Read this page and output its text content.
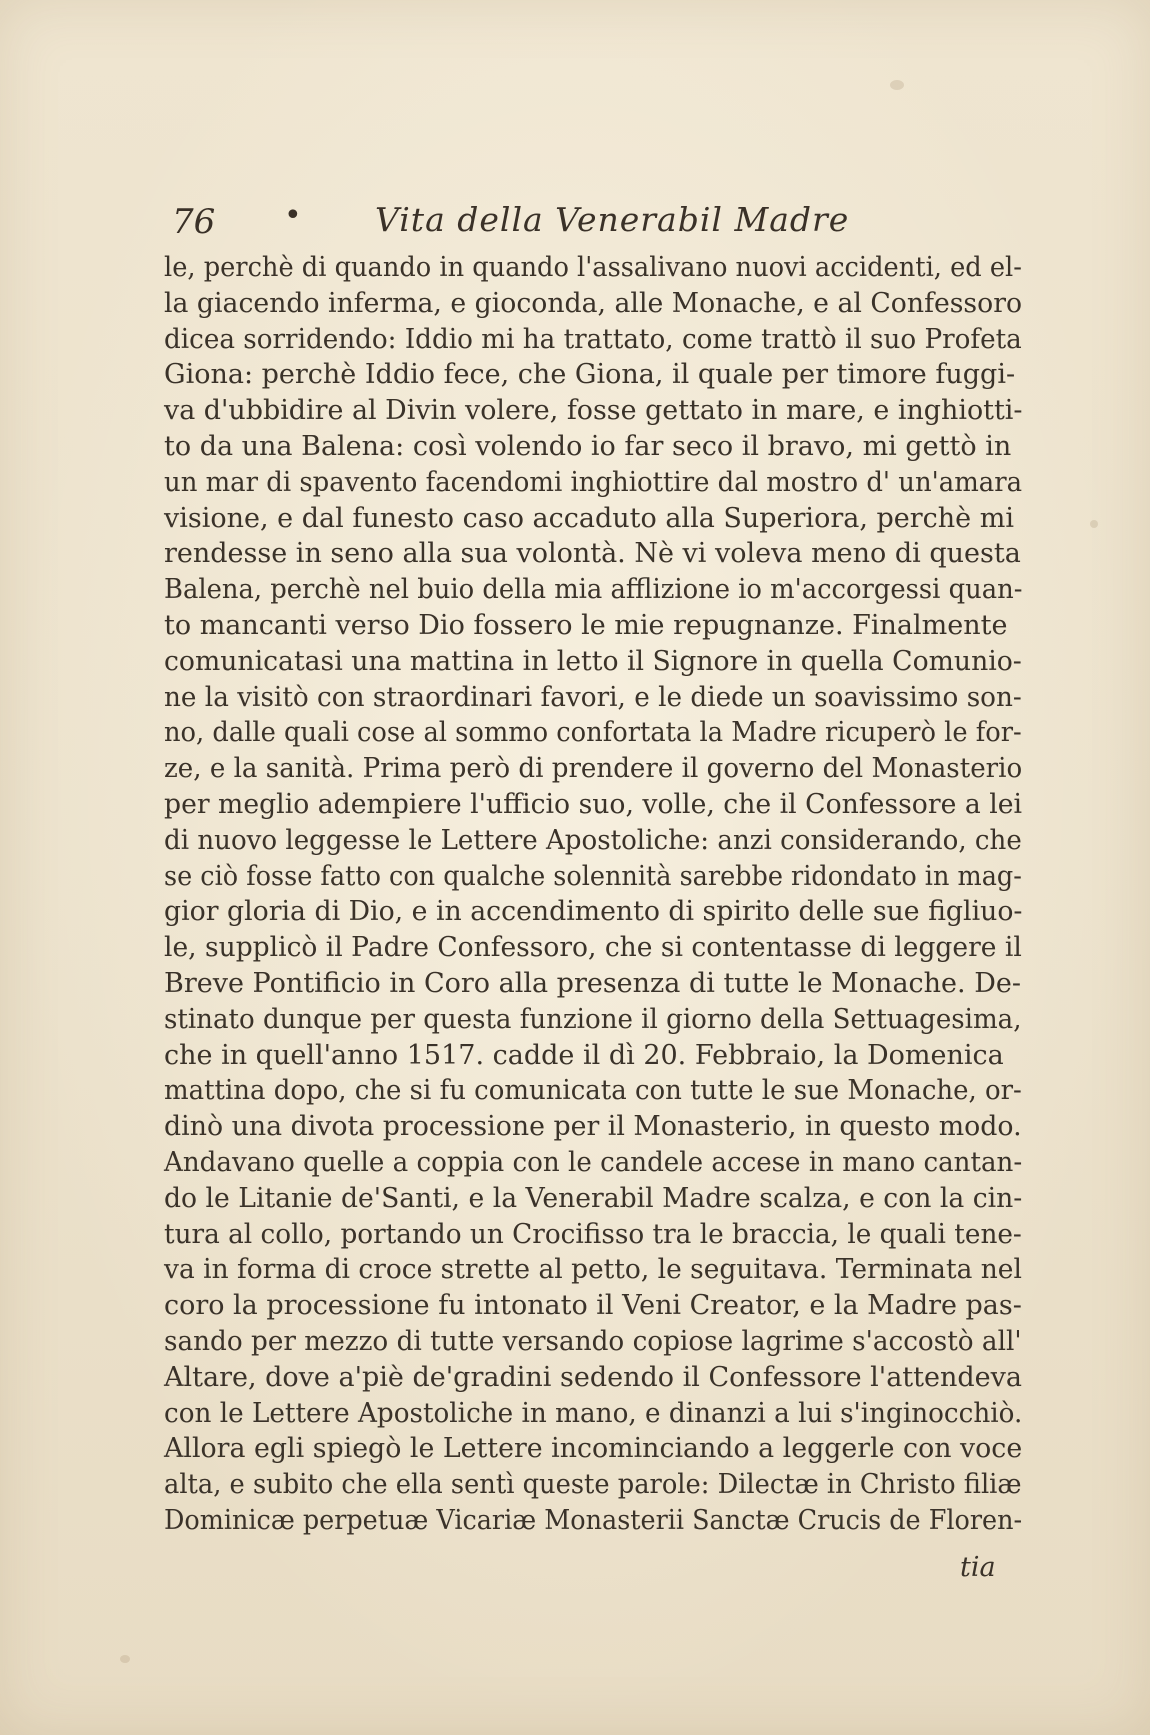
76 • Vita della Venerabil Madre
le, perchè di quando in quando l'assalivano nuovi accidenti, ed el-
la giacendo inferma, e gioconda, alle Monache, e al Confessoro
dicea sorridendo: Iddio mi ha trattato, come trattò il suo Profeta
Giona: perchè Iddio fece, che Giona, il quale per timore fuggi-
va d'ubbidire al Divin volere, fosse gettato in mare, e inghiotti-
to da una Balena: così volendo io far seco il bravo, mi gettò in
un mar di spavento facendomi inghiottire dal mostro d' un'amara
visione, e dal funesto caso accaduto alla Superiora, perchè mi
rendesse in seno alla sua volontà. Nè vi voleva meno di questa
Balena, perchè nel buio della mia afflizione io m'accorgessi quan-
to mancanti verso Dio fossero le mie repugnanze. Finalmente
comunicatasi una mattina in letto il Signore in quella Comunio-
ne la visitò con straordinari favori, e le diede un soavissimo son-
no, dalle quali cose al sommo confortata la Madre ricuperò le for-
ze, e la sanità. Prima però di prendere il governo del Monasterio
per meglio adempiere l'ufficio suo, volle, che il Confessore a lei
di nuovo leggesse le Lettere Apostoliche: anzi considerando, che
se ciò fosse fatto con qualche solennità sarebbe ridondato in mag-
gior gloria di Dio, e in accendimento di spirito delle sue figliuo-
le, supplicò il Padre Confessoro, che si contentasse di leggere il
Breve Pontificio in Coro alla presenza di tutte le Monache. De-
stinato dunque per questa funzione il giorno della Settuagesima,
che in quell'anno 1517. cadde il dì 20. Febbraio, la Domenica
mattina dopo, che si fu comunicata con tutte le sue Monache, or-
dinò una divota processione per il Monasterio, in questo modo.
Andavano quelle a coppia con le candele accese in mano cantan-
do le Litanie de'Santi, e la Venerabil Madre scalza, e con la cin-
tura al collo, portando un Crocifisso tra le braccia, le quali tene-
va in forma di croce strette al petto, le seguitava. Terminata nel
coro la processione fu intonato il Veni Creator, e la Madre pas-
sando per mezzo di tutte versando copiose lagrime s'accostò all'
Altare, dove a'piè de'gradini sedendo il Confessore l'attendeva
con le Lettere Apostoliche in mano, e dinanzi a lui s'inginocchiò.
Allora egli spiegò le Lettere incominciando a leggerle con voce
alta, e subito che ella sentì queste parole: Dilectæ in Christo filiæ
Dominicæ perpetuæ Vicariæ Monasterii Sanctæ Crucis de Floren-
tia
